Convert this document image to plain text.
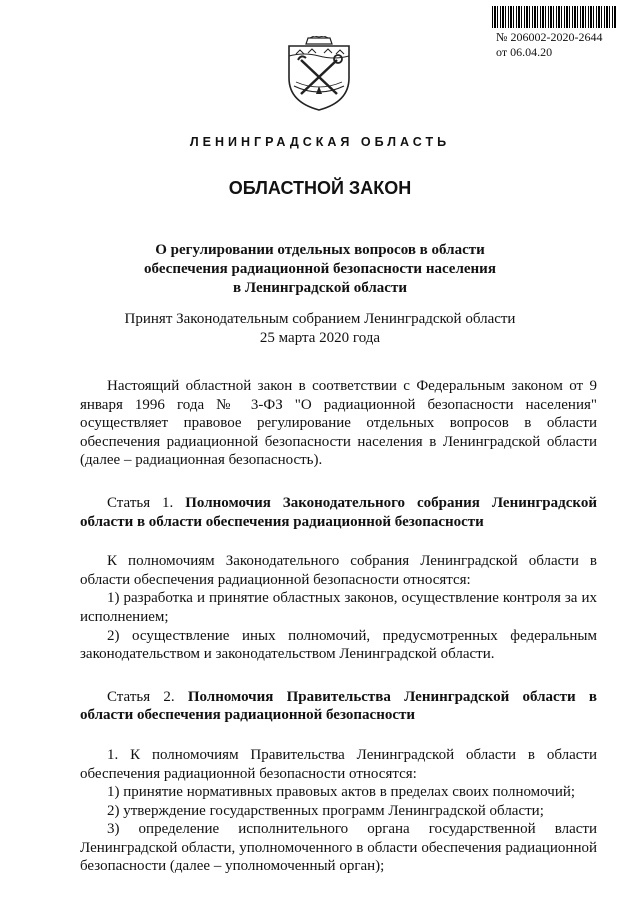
№ 206002-2020-2644
от 06.04.20
ЛЕНИНГРАДСКАЯ ОБЛАСТЬ
ОБЛАСТНОЙ ЗАКОН
О регулировании отдельных вопросов в области
обеспечения радиационной безопасности населения
в Ленинградской области
Принят Законодательным собранием Ленинградской области
25 марта 2020 года

Настоящий областной закон в соответствии с Федеральным законом от 9 января 1996 года № 3-ФЗ "О радиационной безопасности населения" осуществляет правовое регулирование отдельных вопросов в области обеспечения радиационной безопасности населения в Ленинградской области (далее – радиационная безопасность).

Статья 1. Полномочия Законодательного собрания Ленинградской области в области обеспечения радиационной безопасности

К полномочиям Законодательного собрания Ленинградской области в области обеспечения радиационной безопасности относятся:

1) разработка и принятие областных законов, осуществление контроля за их исполнением;

2) осуществление иных полномочий, предусмотренных федеральным законодательством и законодательством Ленинградской области.

Статья 2. Полномочия Правительства Ленинградской области в области обеспечения радиационной безопасности

1. К полномочиям Правительства Ленинградской области в области обеспечения радиационной безопасности относятся:

1) принятие нормативных правовых актов в пределах своих полномочий;

2) утверждение государственных программ Ленинградской области;

3) определение исполнительного органа государственной власти Ленинградской области, уполномоченного в области обеспечения радиационной безопасности (далее – уполномоченный орган);
